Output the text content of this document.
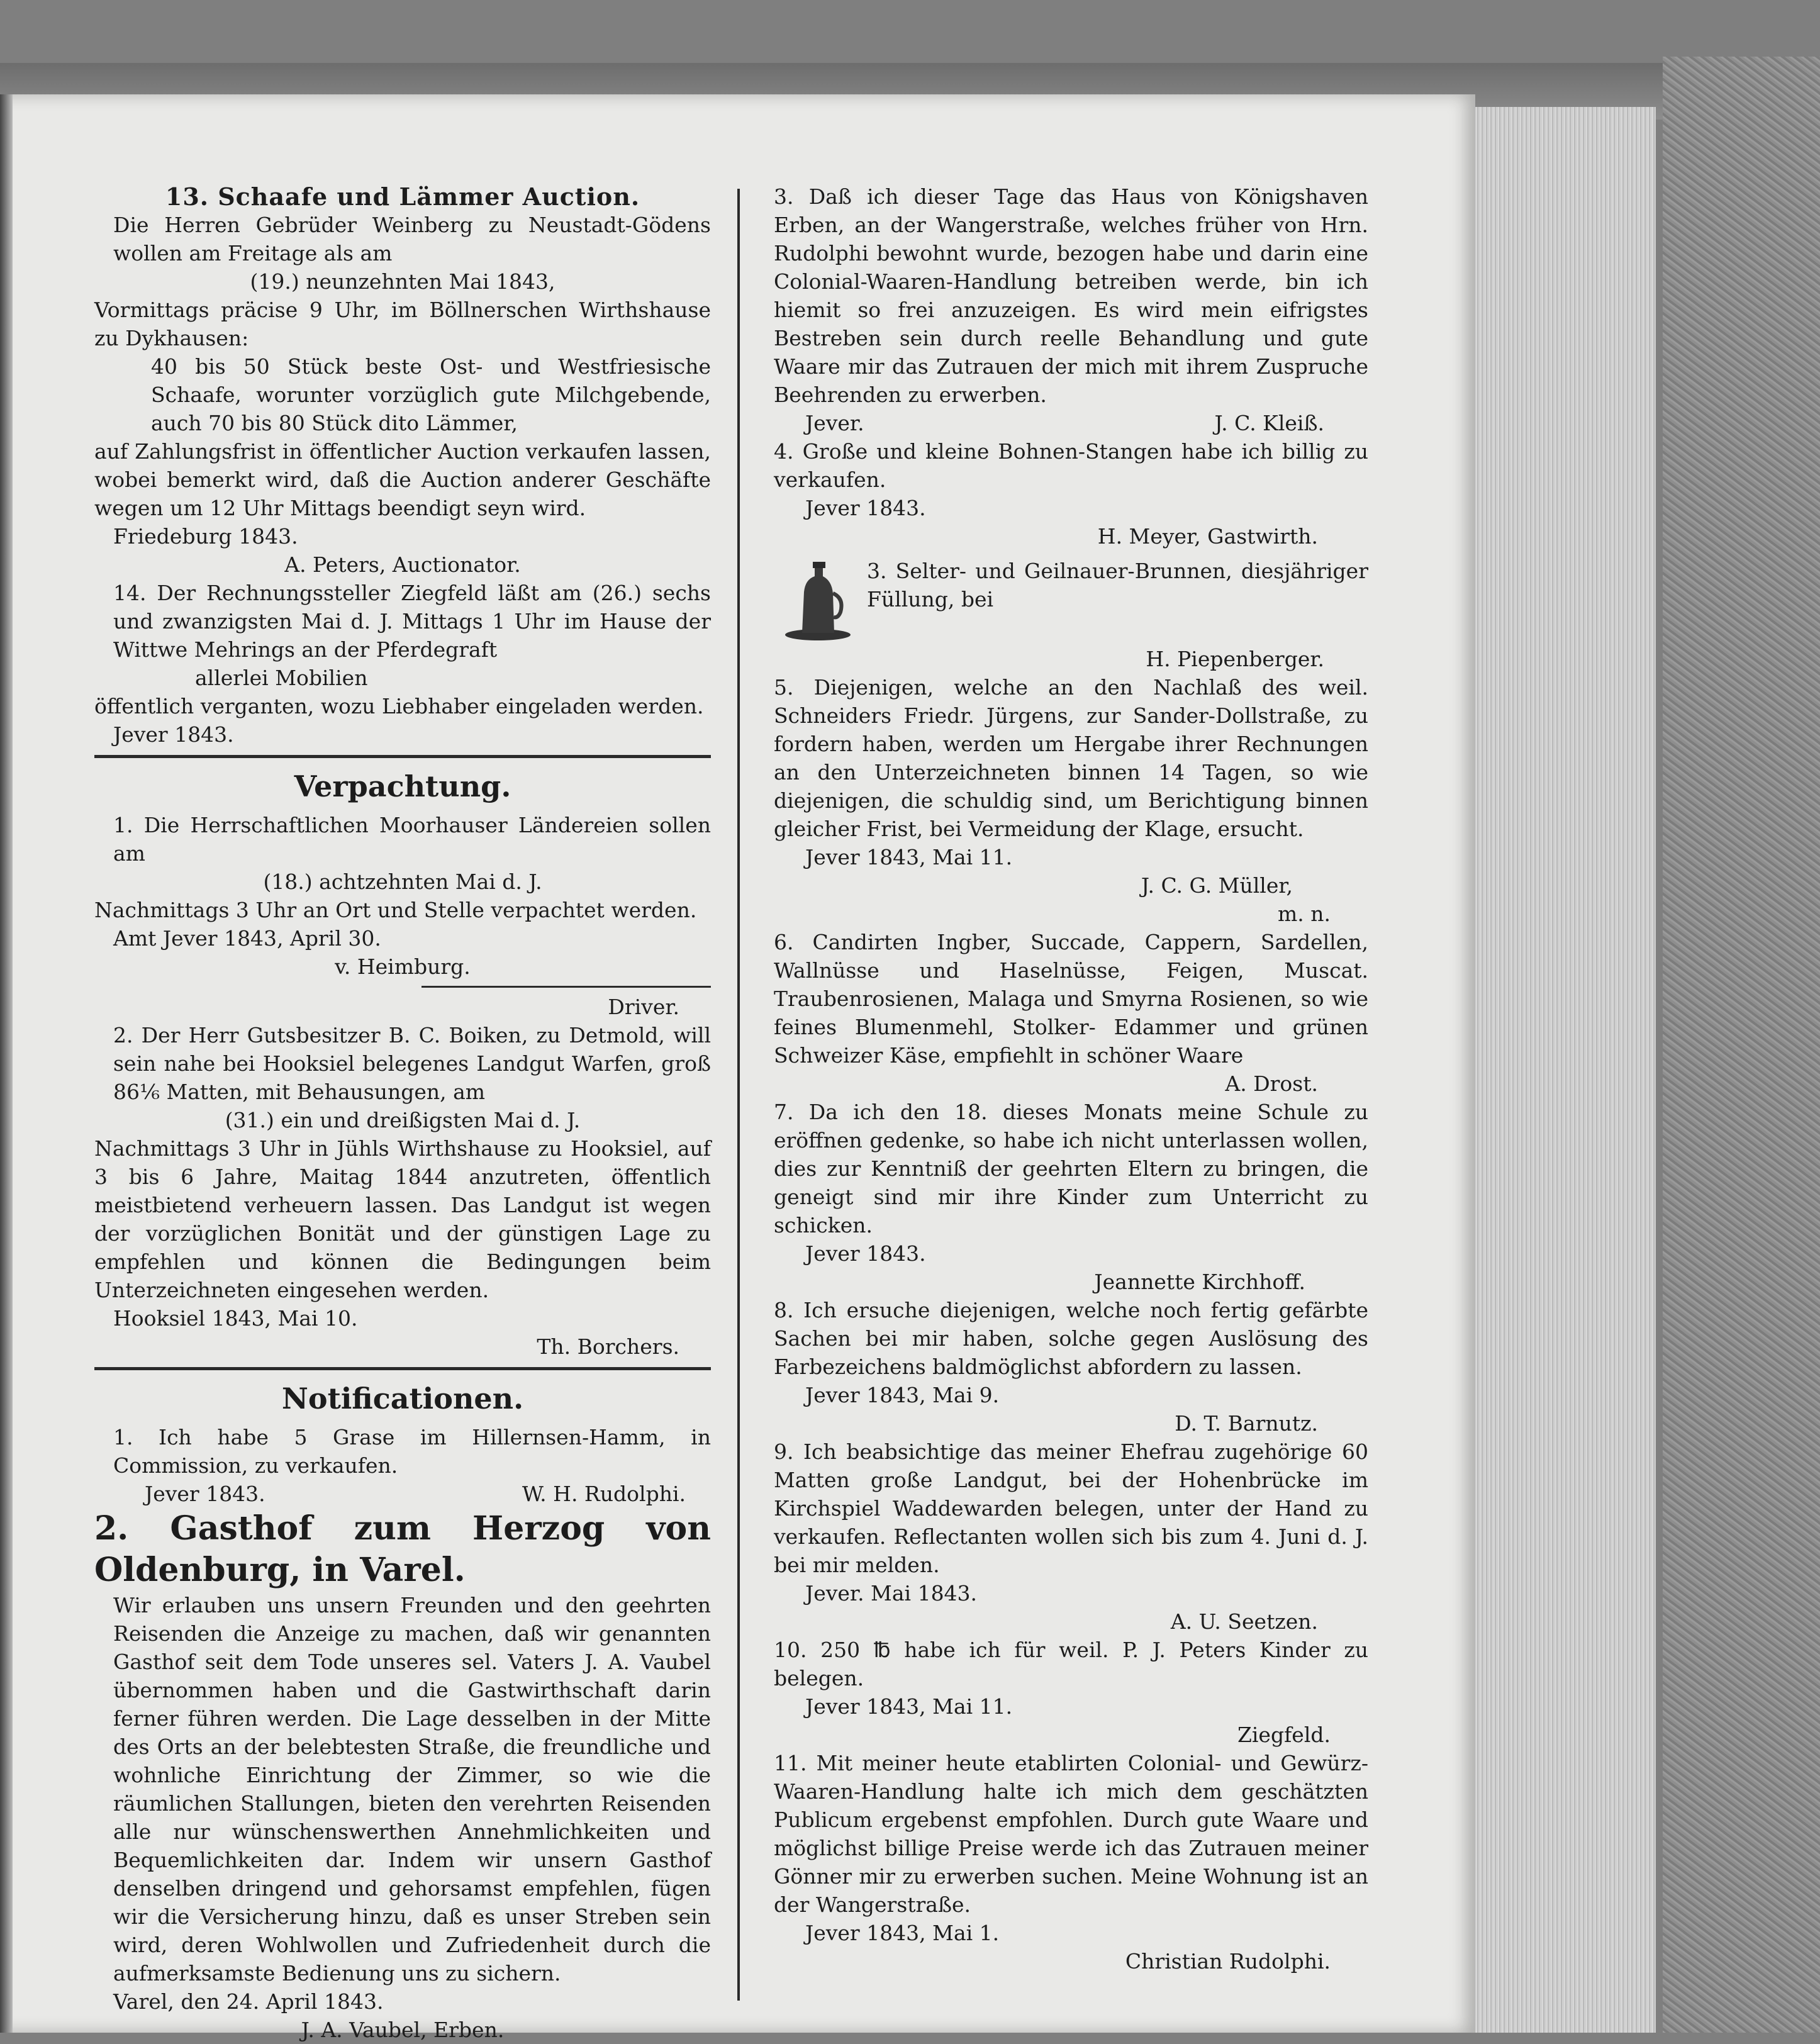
13. Schaafe und Lämmer Auction.

Die Herren Gebrüder Weinberg zu Neustadt-Gödens wollen am Freitage als am

(19.) neunzehnten Mai 1843,

Vormittags präcise 9 Uhr, im Böllnerschen Wirthshause zu Dykhausen:

40 bis 50 Stück beste Ost- und Westfriesische Schaafe, worunter vorzüglich gute Milchgebende, auch 70 bis 80 Stück dito Lämmer,

auf Zahlungsfrist in öffentlicher Auction verkaufen lassen, wobei bemerkt wird, daß die Auction anderer Geschäfte wegen um 12 Uhr Mittags beendigt seyn wird.

Friedeburg 1843.

A. Peters, Auctionator.

14. Der Rechnungssteller Ziegfeld läßt am (26.) sechs und zwanzigsten Mai d. J. Mittags 1 Uhr im Hause der Wittwe Mehrings an der Pferdegraft

allerlei Mobilien

öffentlich verganten, wozu Liebhaber eingeladen werden.

Jever 1843.

Verpachtung.

1. Die Herrschaftlichen Moorhauser Ländereien sollen am

(18.) achtzehnten Mai d. J.

Nachmittags 3 Uhr an Ort und Stelle verpachtet werden.

Amt Jever 1843, April 30.

v. Heimburg.

Driver.

2. Der Herr Gutsbesitzer B. C. Boiken, zu Detmold, will sein nahe bei Hooksiel belegenes Landgut Warfen, groß 86⅙ Matten, mit Behausungen, am

(31.) ein und dreißigsten Mai d. J.

Nachmittags 3 Uhr in Jühls Wirthshause zu Hooksiel, auf 3 bis 6 Jahre, Maitag 1844 anzutreten, öffentlich meistbietend verheuern lassen. Das Landgut ist wegen der vorzüglichen Bonität und der günstigen Lage zu empfehlen und können die Bedingungen beim Unterzeichneten eingesehen werden.

Hooksiel 1843, Mai 10.

Th. Borchers.

Notificationen.

1. Ich habe 5 Grase im Hillernsen-Hamm, in Commission, zu verkaufen.

Jever 1843.	W. H. Rudolphi.

2. Gasthof zum Herzog von

Oldenburg, in Varel.

Wir erlauben uns unsern Freunden und den geehrten Reisenden die Anzeige zu machen, daß wir genannten Gasthof seit dem Tode unseres sel. Vaters J. A. Vaubel übernommen haben und die Gastwirthschaft darin ferner führen werden. Die Lage desselben in der Mitte des Orts an der belebtesten Straße, die freundliche und wohnliche Einrichtung der Zimmer, so wie die räumlichen Stallungen, bieten den verehrten Reisenden alle nur wünschenswerthen Annehmlichkeiten und Bequemlichkeiten dar. Indem wir unsern Gasthof denselben dringend und gehorsamst empfehlen, fügen wir die Versicherung hinzu, daß es unser Streben sein wird, deren Wohlwollen und Zufriedenheit durch die aufmerksamste Bedienung uns zu sichern.

Varel, den 24. April 1843.

J. A. Vaubel, Erben.

3. Daß ich dieser Tage das Haus von Königshaven Erben, an der Wangerstraße, welches früher von Hrn. Rudolphi bewohnt wurde, bezogen habe und darin eine Colonial-Waaren-Handlung betreiben werde, bin ich hiemit so frei anzuzeigen. Es wird mein eifrigstes Bestreben sein durch reelle Behandlung und gute Waare mir das Zutrauen der mich mit ihrem Zuspruche Beehrenden zu erwerben.

Jever.	J. C. Kleiß.

4. Große und kleine Bohnen-Stangen habe ich billig zu verkaufen.

Jever 1843.

H. Meyer, Gastwirth.

3. Selter- und Geilnauer-Brunnen, diesjähriger Füllung, bei

H. Piepenberger.

5. Diejenigen, welche an den Nachlaß des weil. Schneiders Friedr. Jürgens, zur Sander-Dollstraße, zu fordern haben, werden um Hergabe ihrer Rechnungen an den Unterzeichneten binnen 14 Tagen, so wie diejenigen, die schuldig sind, um Berichtigung binnen gleicher Frist, bei Vermeidung der Klage, ersucht.

Jever 1843, Mai 11.

J. C. G. Müller,

m. n.

6. Candirten Ingber, Succade, Cappern, Sardellen, Wallnüsse und Haselnüsse, Feigen, Muscat. Traubenrosienen, Malaga und Smyrna Rosienen, so wie feines Blumenmehl, Stolker- Edammer und grünen Schweizer Käse, empfiehlt in schöner Waare

A. Drost.

7. Da ich den 18. dieses Monats meine Schule zu eröffnen gedenke, so habe ich nicht unterlassen wollen, dies zur Kenntniß der geehrten Eltern zu bringen, die geneigt sind mir ihre Kinder zum Unterricht zu schicken.

Jever 1843.

Jeannette Kirchhoff.

8. Ich ersuche diejenigen, welche noch fertig gefärbte Sachen bei mir haben, solche gegen Auslösung des Farbezeichens baldmöglichst abfordern zu lassen.

Jever 1843, Mai 9.

D. T. Barnutz.

9. Ich beabsichtige das meiner Ehefrau zugehörige 60 Matten große Landgut, bei der Hohenbrücke im Kirchspiel Waddewarden belegen, unter der Hand zu verkaufen. Reflectanten wollen sich bis zum 4. Juni d. J. bei mir melden.

Jever. Mai 1843.

A. U. Seetzen.

10. 250 ℔ habe ich für weil. P. J. Peters Kinder zu belegen.

Jever 1843, Mai 11.

Ziegfeld.

11. Mit meiner heute etablirten Colonial- und Gewürz-Waaren-Handlung halte ich mich dem geschätzten Publicum ergebenst empfohlen. Durch gute Waare und möglichst billige Preise werde ich das Zutrauen meiner Gönner mir zu erwerben suchen. Meine Wohnung ist an der Wangerstraße.

Jever 1843, Mai 1.

Christian Rudolphi.
